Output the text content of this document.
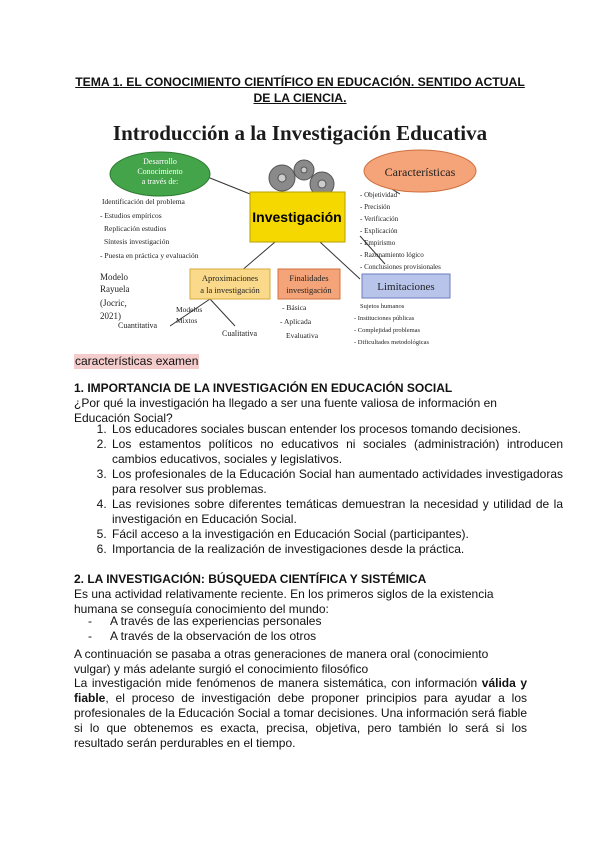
TEMA 1. EL CONOCIMIENTO CIENTÍFICO EN EDUCACIÓN. SENTIDO ACTUAL
DE LA CIENCIA.
Introducción a la Investigación Educativa
Investigación
Desarrollo
Conocimiento
a través de:
Identificación del problema
- Estudios empíricos
Replicación estudios
Síntesis investigación
- Puesta en práctica y evaluación
Características
- Objetividad
- Precisión
- Verificación
- Explicación
- Empirismo
- Razonamiento lógico
- Conclusiones provisionales
Limitaciones
Sujetos humanos
- Instituciones públicas
- Complejidad problemas
- Dificultades metodológicas
Aproximaciones
a la investigación
Finalidades
investigación
- Básica
- Aplicada
Evaluativa
Modelo
Rayuela
(Jocric,
2021)
Modelos
Mixtos
Cuantitativa
Cualitativa
características examen
1. IMPORTANCIA DE LA INVESTIGACIÓN EN EDUCACIÓN SOCIAL

¿Por qué la investigación ha llegado a ser una fuente valiosa de información en Educación Social?

1. Los educadores sociales buscan entender los procesos tomando decisiones.
2. Los estamentos políticos no educativos ni sociales (administración) introducen cambios educativos, sociales y legislativos.
3. Los profesionales de la Educación Social han aumentado actividades investigadoras para resolver sus problemas.
4. Las revisiones sobre diferentes temáticas demuestran la necesidad y utilidad de la investigación en Educación Social.
5. Fácil acceso a la investigación en Educación Social (participantes).
6. Importancia de la realización de investigaciones desde la práctica.
2. LA INVESTIGACIÓN: BÚSQUEDA CIENTÍFICA Y SISTÉMICA

Es una actividad relativamente reciente. En los primeros siglos de la existencia humana se conseguía conocimiento del mundo:

- A través de las experiencias personales
- A través de la observación de los otros

A continuación se pasaba a otras generaciones de manera oral (conocimiento vulgar) y más adelante surgió el conocimiento filosófico

La investigación mide fenómenos de manera sistemática, con información válida y fiable, el proceso de investigación debe proponer principios para ayudar a los profesionales de la Educación Social a tomar decisiones. Una información será fiable si lo que obtenemos es exacta, precisa, objetiva, pero también lo será si los resultado serán perdurables en el tiempo.
